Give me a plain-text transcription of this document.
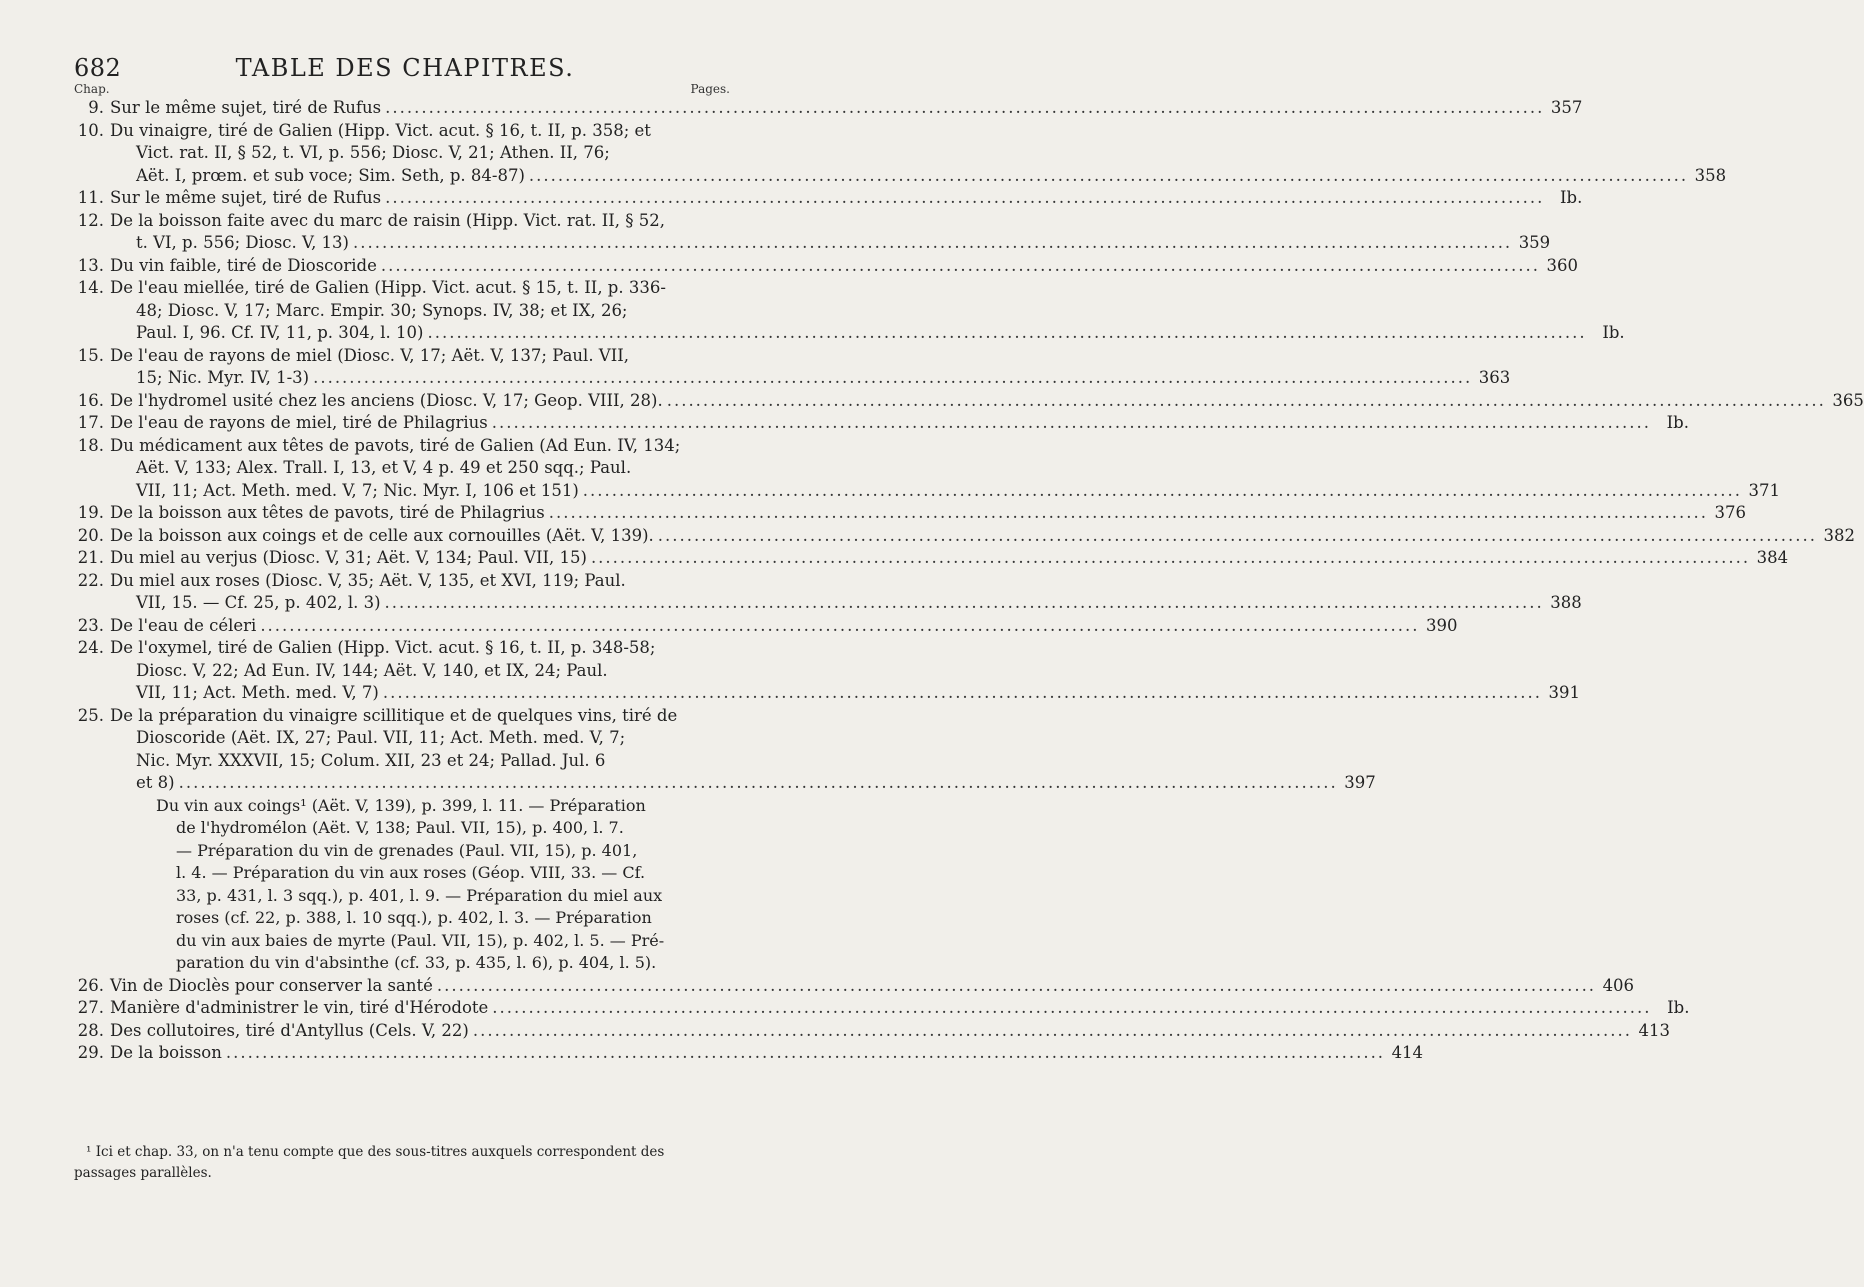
682	TABLE DES CHAPITRES.
Chap.	Pages.
9. Sur le même sujet, tiré de Rufus .....	357
10. Du vinaigre, tiré de Galien (Hipp. Vict. acut. § 16, t. II, p. 358; et
Vict. rat. II, § 52, t. VI, p. 556; Diosc. V, 21; Athen. II, 76;
Aët. I, prœm. et sub voce; Sim. Seth, p. 84-87) .....	358
11. Sur le même sujet, tiré de Rufus .....	Ib.
12. De la boisson faite avec du marc de raisin (Hipp. Vict. rat. II, § 52,
t. VI, p. 556; Diosc. V, 13) .....	359
13. Du vin faible, tiré de Dioscoride .....	360
14. De l'eau miellée, tiré de Galien (Hipp. Vict. acut. § 15, t. II, p. 336-
48; Diosc. V, 17; Marc. Empir. 30; Synops. IV, 38; et IX, 26;
Paul. I, 96. Cf. IV, 11, p. 304, l. 10) .....	Ib.
15. De l'eau de rayons de miel (Diosc. V, 17; Aët. V, 137; Paul. VII,
15; Nic. Myr. IV, 1-3) .....	363
16. De l'hydromel usité chez les anciens (Diosc. V, 17; Geop. VIII, 28). .....	365
17. De l'eau de rayons de miel, tiré de Philagrius .....	Ib.
18. Du médicament aux têtes de pavots, tiré de Galien (Ad Eun. IV, 134;
Aët. V, 133; Alex. Trall. I, 13, et V, 4 p. 49 et 250 sqq.; Paul.
VII, 11; Act. Meth. med. V, 7; Nic. Myr. I, 106 et 151) .....	371
19. De la boisson aux têtes de pavots, tiré de Philagrius .....	376
20. De la boisson aux coings et de celle aux cornouilles (Aët. V, 139). .....	382
21. Du miel au verjus (Diosc. V, 31; Aët. V, 134; Paul. VII, 15) .....	384
22. Du miel aux roses (Diosc. V, 35; Aët. V, 135, et XVI, 119; Paul.
VII, 15. — Cf. 25, p. 402, l. 3) .....	388
23. De l'eau de céleri .....	390
24. De l'oxymel, tiré de Galien (Hipp. Vict. acut. § 16, t. II, p. 348-58;
Diosc. V, 22; Ad Eun. IV, 144; Aët. V, 140, et IX, 24; Paul.
VII, 11; Act. Meth. med. V, 7) .....	391
25. De la préparation du vinaigre scillitique et de quelques vins, tiré de
Dioscoride (Aët. IX, 27; Paul. VII, 11; Act. Meth. med. V, 7;
Nic. Myr. XXXVII, 15; Colum. XII, 23 et 24; Pallad. Jul. 6
et 8) .....	397
Du vin aux coings¹ (Aët. V, 139), p. 399, l. 11. — Préparation
de l'hydromélon (Aët. V, 138; Paul. VII, 15), p. 400, l. 7.
— Préparation du vin de grenades (Paul. VII, 15), p. 401,
l. 4. — Préparation du vin aux roses (Géop. VIII, 33. — Cf.
33, p. 431, l. 3 sqq.), p. 401, l. 9. — Préparation du miel aux
roses (cf. 22, p. 388, l. 10 sqq.), p. 402, l. 3. — Préparation
du vin aux baies de myrte (Paul. VII, 15), p. 402, l. 5. — Pré-
paration du vin d'absinthe (cf. 33, p. 435, l. 6), p. 404, l. 5).
26. Vin de Dioclès pour conserver la santé .....	406
27. Manière d'administrer le vin, tiré d'Hérodote .....	Ib.
28. Des collutoires, tiré d'Antyllus (Cels. V, 22) .....	413
29. De la boisson .....	414
¹ Ici et chap. 33, on n'a tenu compte que des sous-titres auxquels correspondent des
passages parallèles.
